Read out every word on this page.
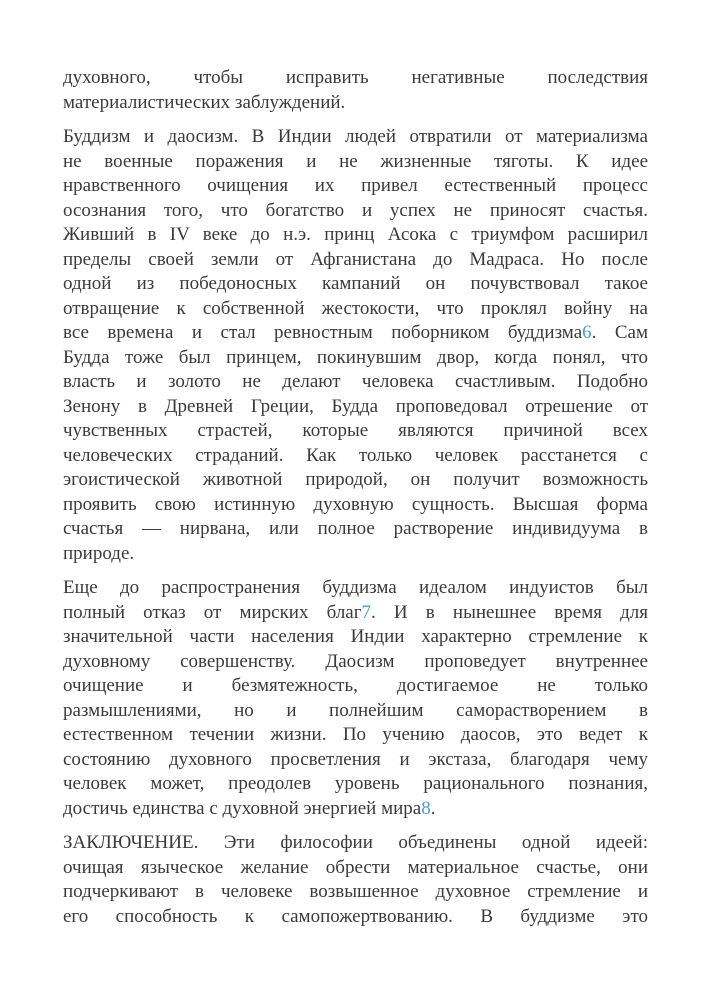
духовного, чтобы исправить негативные последствия
материалистических заблуждений.
Буддизм и даосизм. В Индии людей отвратили от материализма
не военные поражения и не жизненные тяготы. К идее
нравственного очищения их привел естественный процесс
осознания того, что богатство и успех не приносят счастья.
Живший в IV веке до н.э. принц Асока с триумфом расширил
пределы своей земли от Афганистана до Мадраса. Но после
одной из победоносных кампаний он почувствовал такое
отвращение к собственной жестокости, что проклял войну на
все времена и стал ревностным поборником буддизма6. Сам
Будда тоже был принцем, покинувшим двор, когда понял, что
власть и золото не делают человека счастливым. Подобно
Зенону в Древней Греции, Будда проповедовал отрешение от
чувственных страстей, которые являются причиной всех
человеческих страданий. Как только человек расстанется с
эгоистической животной природой, он получит возможность
проявить свою истинную духовную сущность. Высшая форма
счастья — нирвана, или полное растворение индивидуума в
природе.
Еще до распространения буддизма идеалом индуистов был
полный отказ от мирских благ7. И в нынешнее время для
значительной части населения Индии характерно стремление к
духовному совершенству. Даосизм проповедует внутреннее
очищение и безмятежность, достигаемое не только
размышлениями, но и полнейшим саморастворением в
естественном течении жизни. По учению даосов, это ведет к
состоянию духовного просветления и экстаза, благодаря чему
человек может, преодолев уровень рационального познания,
достичь единства с духовной энергией мира8.
ЗАКЛЮЧЕНИЕ. Эти философии объединены одной идеей:
очищая языческое желание обрести материальное счастье, они
подчеркивают в человеке возвышенное духовное стремление и
его способность к самопожертвованию. В буддизме это
